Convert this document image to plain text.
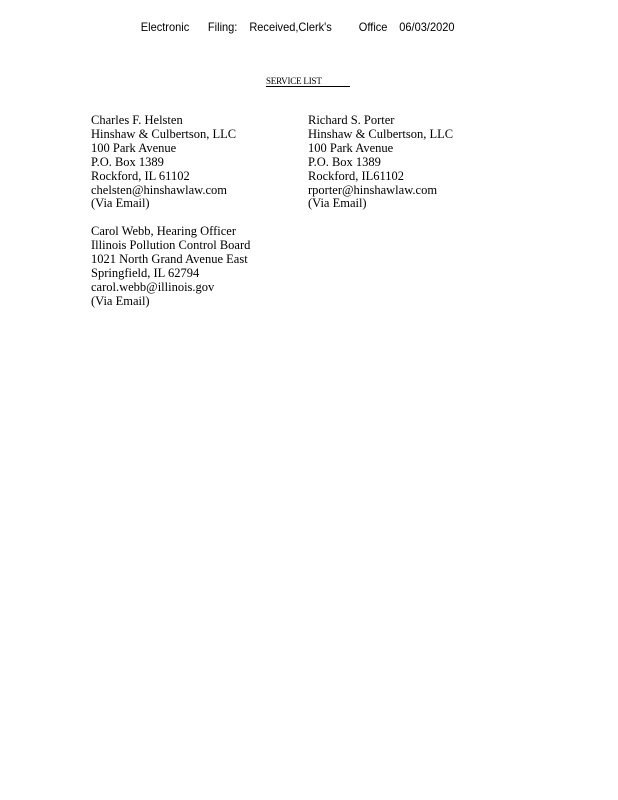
Electronic Filing: Received,Clerk's Office 06/03/2020
SERVICE LIST
Charles F. Helsten
Hinshaw & Culbertson, LLC
100 Park Avenue
P.O. Box 1389
Rockford, IL 61102
chelsten@hinshawlaw.com
(Via Email)
Richard S. Porter
Hinshaw & Culbertson, LLC
100 Park Avenue
P.O. Box 1389
Rockford, IL61102
rporter@hinshawlaw.com
(Via Email)
Carol Webb, Hearing Officer
Illinois Pollution Control Board
1021 North Grand Avenue East
Springfield, IL 62794
carol.webb@illinois.gov
(Via Email)
